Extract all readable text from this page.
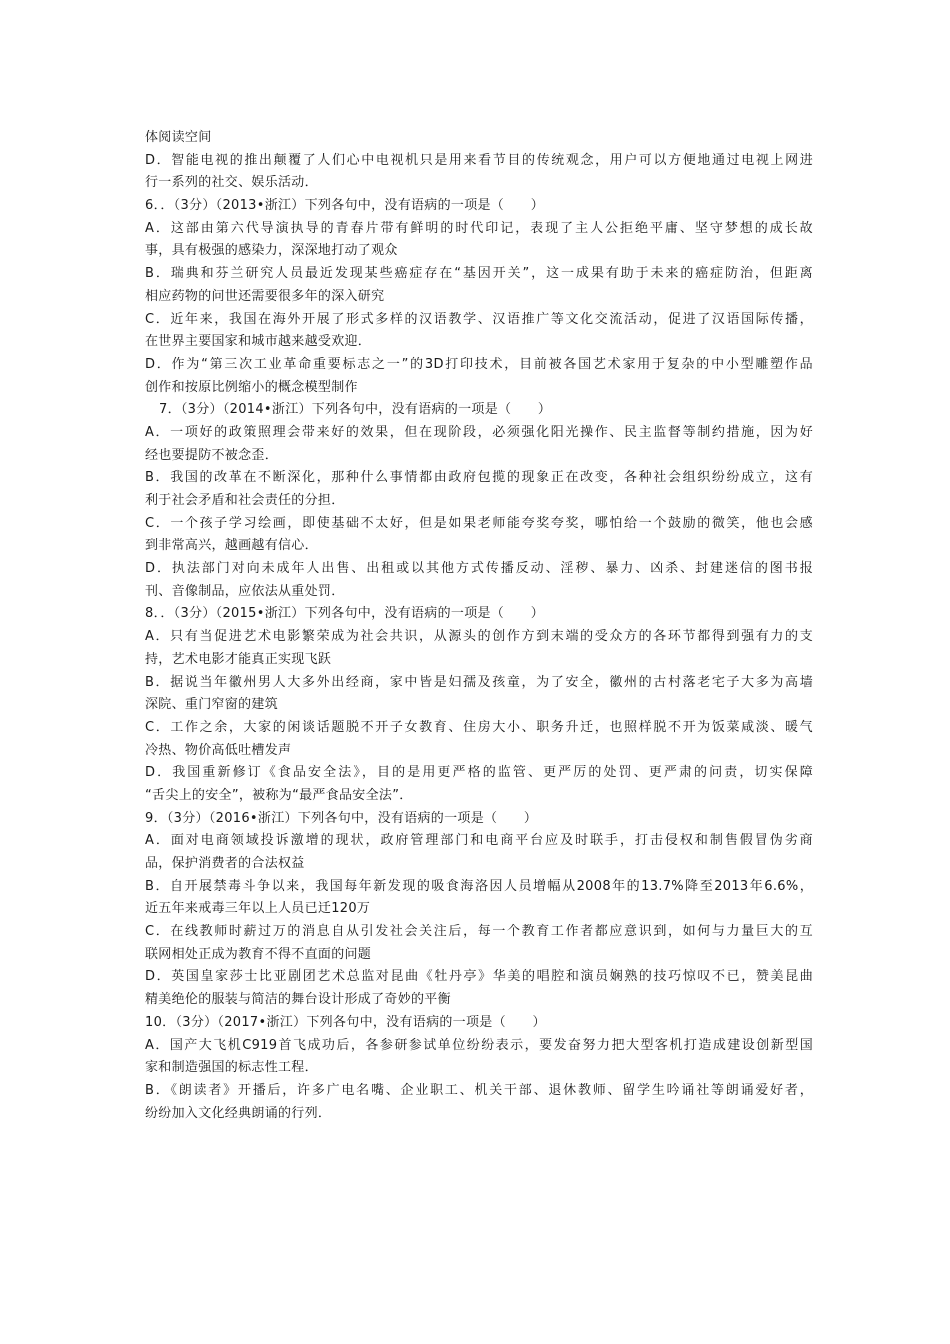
体阅读空间
D．智能电视的推出颠覆了人们心中电视机只是用来看节目的传统观念，用户可以方便地通过电视上网进
行一系列的社交、娱乐活动．
6．．（3分）（2013•浙江）下列各句中，没有语病的一项是（　　）
A．这部由第六代导演执导的青春片带有鲜明的时代印记，表现了主人公拒绝平庸、坚守梦想的成长故
事，具有极强的感染力，深深地打动了观众
B．瑞典和芬兰研究人员最近发现某些癌症存在“基因开关”，这一成果有助于未来的癌症防治，但距离
相应药物的问世还需要很多年的深入研究
C．近年来，我国在海外开展了形式多样的汉语教学、汉语推广等文化交流活动，促进了汉语国际传播，
在世界主要国家和城市越来越受欢迎．
D．作为“第三次工业革命重要标志之一”的3D打印技术，目前被各国艺术家用于复杂的中小型雕塑作品
创作和按原比例缩小的概念模型制作
7．（3分）（2014•浙江）下列各句中，没有语病的一项是（　　）
A．一项好的政策照理会带来好的效果，但在现阶段，必须强化阳光操作、民主监督等制约措施，因为好
经也要提防不被念歪．
B．我国的改革在不断深化，那种什么事情都由政府包揽的现象正在改变，各种社会组织纷纷成立，这有
利于社会矛盾和社会责任的分担．
C．一个孩子学习绘画，即使基础不太好，但是如果老师能夸奖夸奖，哪怕给一个鼓励的微笑，他也会感
到非常高兴，越画越有信心．
D．执法部门对向未成年人出售、出租或以其他方式传播反动、淫秽、暴力、凶杀、封建迷信的图书报
刊、音像制品，应依法从重处罚．
8．．（3分）（2015•浙江）下列各句中，没有语病的一项是（　　）
A．只有当促进艺术电影繁荣成为社会共识，从源头的创作方到末端的受众方的各环节都得到强有力的支
持，艺术电影才能真正实现飞跃
B．据说当年徽州男人大多外出经商，家中皆是妇孺及孩童，为了安全，徽州的古村落老宅子大多为高墙
深院、重门窄窗的建筑
C．工作之余，大家的闲谈话题脱不开子女教育、住房大小、职务升迁，也照样脱不开为饭菜咸淡、暖气
冷热、物价高低吐槽发声
D．我国重新修订《食品安全法》，目的是用更严格的监管、更严厉的处罚、更严肃的问责，切实保障
“舌尖上的安全”，被称为“最严食品安全法”．
9．（3分）（2016•浙江）下列各句中，没有语病的一项是（　　）
A．面对电商领域投诉激增的现状，政府管理部门和电商平台应及时联手，打击侵权和制售假冒伪劣商
品，保护消费者的合法权益
B．自开展禁毒斗争以来，我国每年新发现的吸食海洛因人员增幅从2008年的13.7%降至2013年6.6%，
近五年来戒毒三年以上人员已迁120万
C．在线教师时薪过万的消息自从引发社会关注后，每一个教育工作者都应意识到，如何与力量巨大的互
联网相处正成为教育不得不直面的问题
D．英国皇家莎士比亚剧团艺术总监对昆曲《牡丹亭》华美的唱腔和演员娴熟的技巧惊叹不已，赞美昆曲
精美绝伦的服装与简洁的舞台设计形成了奇妙的平衡
10．（3分）（2017•浙江）下列各句中，没有语病的一项是（　　）
A．国产大飞机C919首飞成功后，各参研参试单位纷纷表示，要发奋努力把大型客机打造成建设创新型国
家和制造强国的标志性工程．
B．《朗读者》开播后，许多广电名嘴、企业职工、机关干部、退休教师、留学生吟诵社等朗诵爱好者，
纷纷加入文化经典朗诵的行列．
